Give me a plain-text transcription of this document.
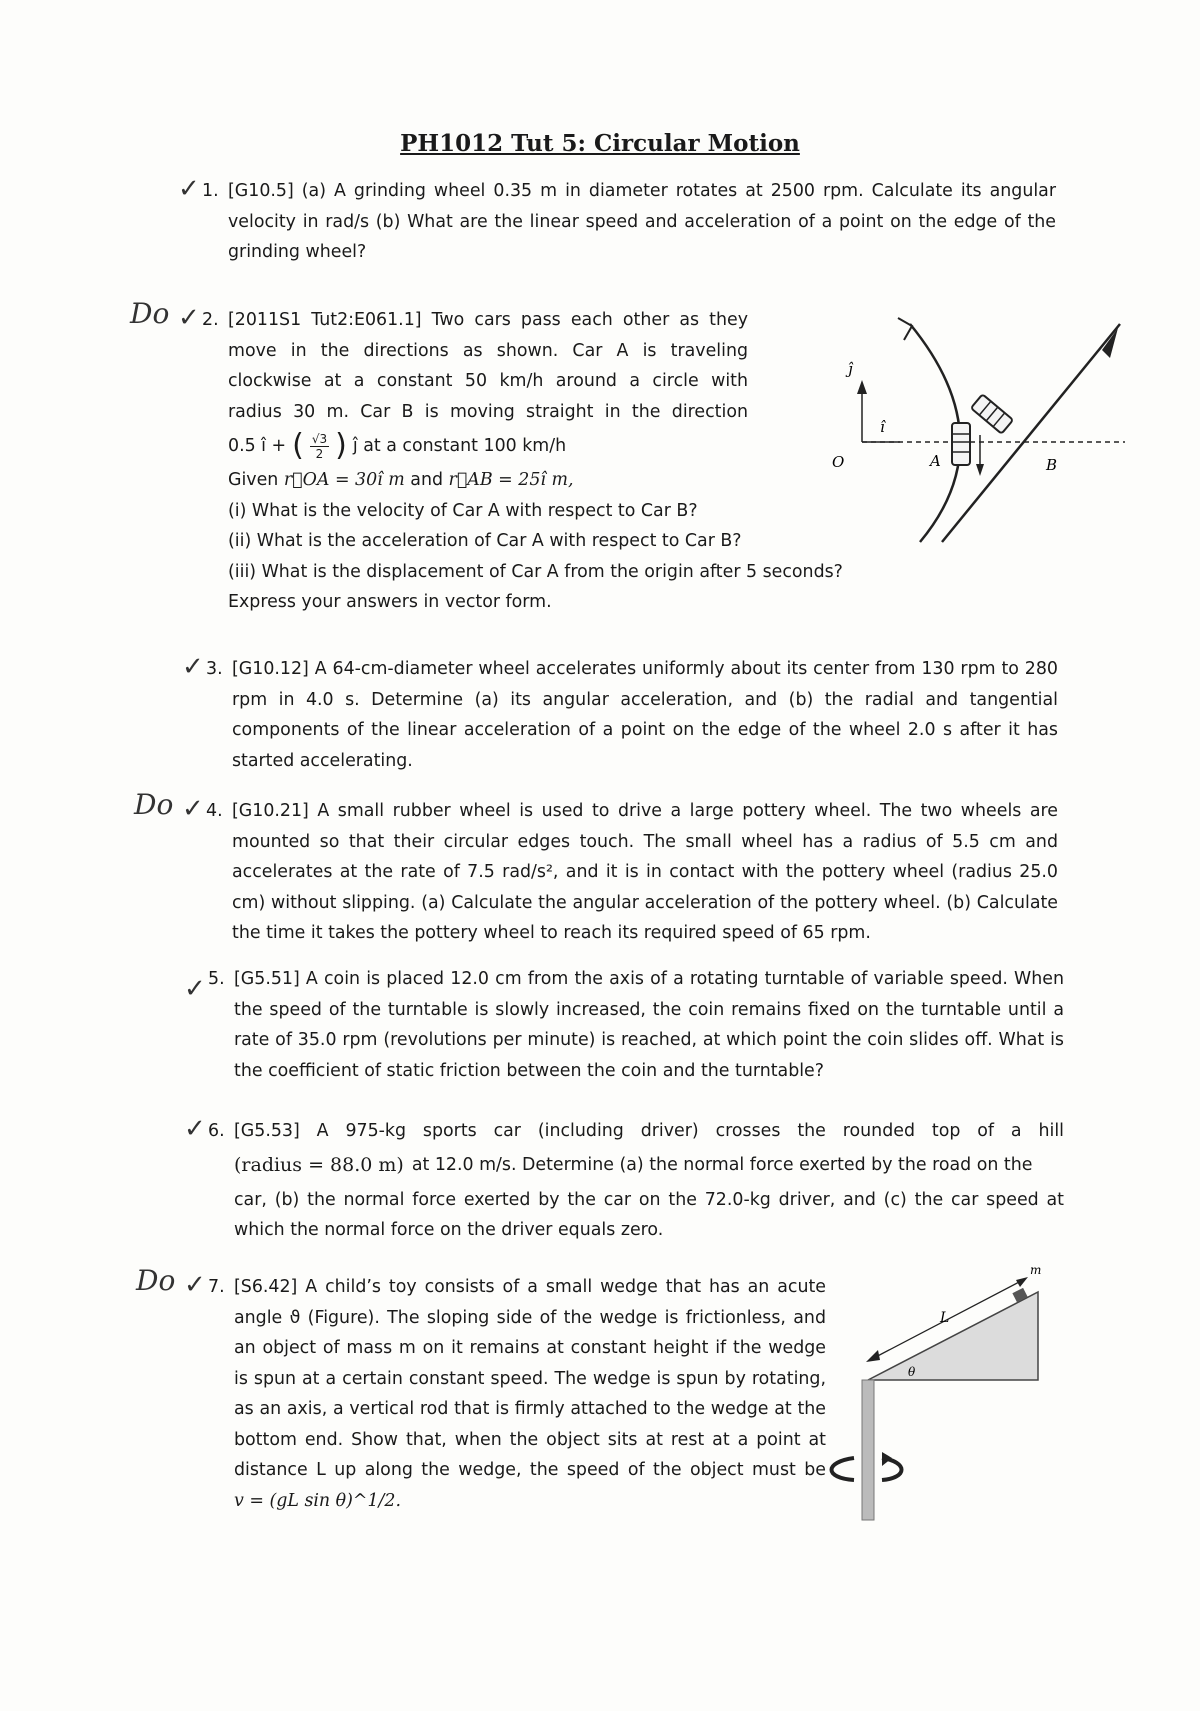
PH1012 Tut 5: Circular Motion
✓ 1. [G10.5] (a) A grinding wheel 0.35 m in diameter rotates at 2500 rpm. Calculate its angular velocity in rad/s (b) What are the linear speed and acceleration of a point on the edge of the grinding wheel?

Do ✓ 2. [2011S1 Tut2:E061.1] Two cars pass each other as they
move in the directions as shown. Car A is traveling
clockwise at a constant 50 km/h around a circle with
radius 30 m. Car B is moving straight in the direction
0.5 î + ( $\frac{√3}{2}$ ) ĵ at a constant 100 km/h
Given r⃗OA = 30î m and r⃗AB = 25î m,
(i) What is the velocity of Car A with respect to Car B?
(ii) What is the acceleration of Car A with respect to Car B?
(iii) What is the displacement of Car A from the origin after 5 seconds?
Express your answers in vector form.
ĵ
î
O	A	B
✓ 3. [G10.12] A 64-cm-diameter wheel accelerates uniformly about its center from 130 rpm to 280 rpm in 4.0 s. Determine (a) its angular acceleration, and (b) the radial and tangential components of the linear acceleration of a point on the edge of the wheel 2.0 s after it has started accelerating.

Do ✓ 4. [G10.21] A small rubber wheel is used to drive a large pottery wheel. The two wheels are mounted so that their circular edges touch. The small wheel has a radius of 5.5 cm and accelerates at the rate of 7.5 rad/s², and it is in contact with the pottery wheel (radius 25.0 cm) without slipping. (a) Calculate the angular acceleration of the pottery wheel. (b) Calculate the time it takes the pottery wheel to reach its required speed of 65 rpm.

✓ 5. [G5.51] A coin is placed 12.0 cm from the axis of a rotating turntable of variable speed. When the speed of the turntable is slowly increased, the coin remains fixed on the turntable until a rate of 35.0 rpm (revolutions per minute) is reached, at which point the coin slides off. What is the coefficient of static friction between the coin and the turntable?

✓ 6. [G5.53] A 975-kg sports car (including driver) crosses the rounded top of a hill
(radius = 88.0 m) at 12.0 m/s. Determine (a) the normal force exerted by the road on the
car, (b) the normal force exerted by the car on the 72.0-kg driver, and (c) the car speed at
which the normal force on the driver equals zero.
Do ✓ 7. [S6.42] A child’s toy consists of a small wedge that has an acute
angle ϑ (Figure). The sloping side of the wedge is frictionless, and
an object of mass m on it remains at constant height if the wedge
is spun at a certain constant speed. The wedge is spun by rotating,
as an axis, a vertical rod that is firmly attached to the wedge at the
bottom end. Show that, when the object sits at rest at a point at
distance L up along the wedge, the speed of the object must be
v = (gL sin θ)^1/2.
L
m
θ
